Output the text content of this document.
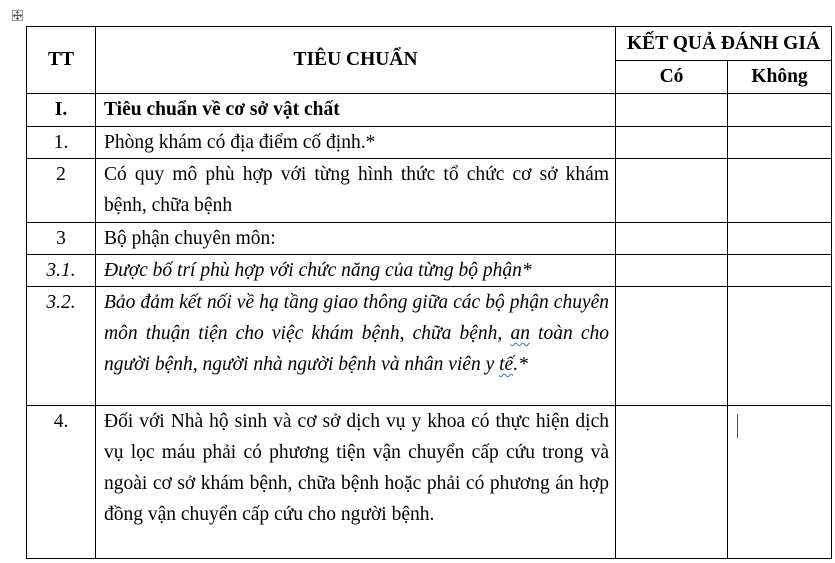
TT	TIÊU CHUẨN	KẾT QUẢ ĐÁNH GIÁ	
		Có	Không
I.	Tiêu chuẩn về cơ sở vật chất		
1.	Phòng khám có địa điểm cố định.*		
2	Có quy mô phù hợp với từng hình thức tổ chức cơ sở khám bệnh, chữa bệnh		
3	Bộ phận chuyên môn:		
3.1.	Được bố trí phù hợp với chức năng của từng bộ phận*		
3.2.	Bảo đảm kết nối về hạ tầng giao thông giữa các bộ phận chuyên môn thuận tiện cho việc khám bệnh, chữa bệnh, an toàn cho người bệnh, người nhà người bệnh và nhân viên y tế.*		
4.	Đối với Nhà hộ sinh và cơ sở dịch vụ y khoa có thực hiện dịch vụ lọc máu phải có phương tiện vận chuyển cấp cứu trong và ngoài cơ sở khám bệnh, chữa bệnh hoặc phải có phương án hợp đồng vận chuyển cấp cứu cho người bệnh.		
